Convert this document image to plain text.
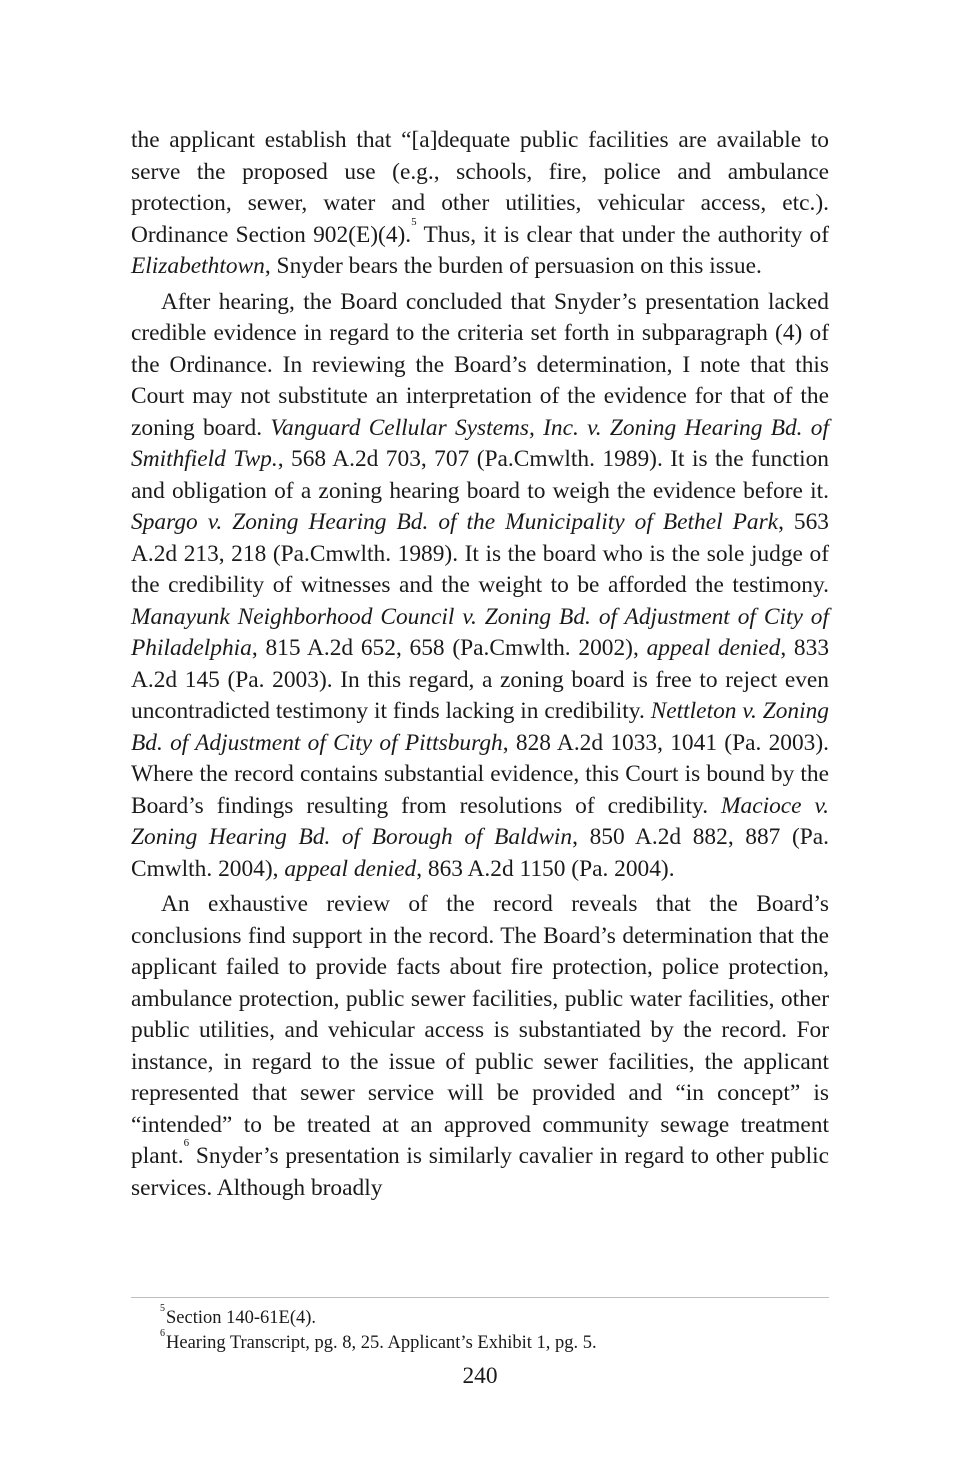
the applicant establish that “[a]dequate public facilities are available to serve the proposed use (e.g., schools, fire, police and ambulance protection, sewer, water and other utilities, vehicular access, etc.). Ordinance Section 902(E)(4).$^5$ Thus, it is clear that under the authority of Elizabethtown, Snyder bears the burden of persuasion on this issue.

After hearing, the Board concluded that Snyder’s presentation lacked credible evidence in regard to the criteria set forth in subparagraph (4) of the Ordinance. In reviewing the Board’s determination, I note that this Court may not substitute an interpretation of the evidence for that of the zoning board. Vanguard Cellular Systems, Inc. v. Zoning Hearing Bd. of Smithfield Twp., 568 A.2d 703, 707 (Pa.Cmwlth. 1989). It is the function and obligation of a zoning hearing board to weigh the evidence before it. Spargo v. Zoning Hearing Bd. of the Municipality of Bethel Park, 563 A.2d 213, 218 (Pa.Cmwlth. 1989). It is the board who is the sole judge of the credibility of witnesses and the weight to be afforded the testimony. Manayunk Neighborhood Council v. Zoning Bd. of Adjustment of City of Philadelphia, 815 A.2d 652, 658 (Pa.Cmwlth. 2002), appeal denied, 833 A.2d 145 (Pa. 2003). In this regard, a zoning board is free to reject even uncontradicted testimony it finds lacking in credibility. Nettleton v. Zoning Bd. of Adjustment of City of Pittsburgh, 828 A.2d 1033, 1041 (Pa. 2003). Where the record contains substantial evidence, this Court is bound by the Board’s findings resulting from resolutions of credibility. Macioce v. Zoning Hearing Bd. of Borough of Baldwin, 850 A.2d 882, 887 (Pa. Cmwlth. 2004), appeal denied, 863 A.2d 1150 (Pa. 2004).

An exhaustive review of the record reveals that the Board’s conclusions find support in the record. The Board’s determination that the applicant failed to provide facts about fire protection, police protection, ambulance protection, public sewer facilities, public water facilities, other public utilities, and vehicular access is substantiated by the record. For instance, in regard to the issue of public sewer facilities, the applicant represented that sewer service will be provided and “in concept” is “intended” to be treated at an approved community sewage treatment plant.$^6$ Snyder’s presentation is similarly cavalier in regard to other public services. Although broadly

$^5$Section 140-61E(4).

$^6$Hearing Transcript, pg. 8, 25. Applicant’s Exhibit 1, pg. 5.

240
